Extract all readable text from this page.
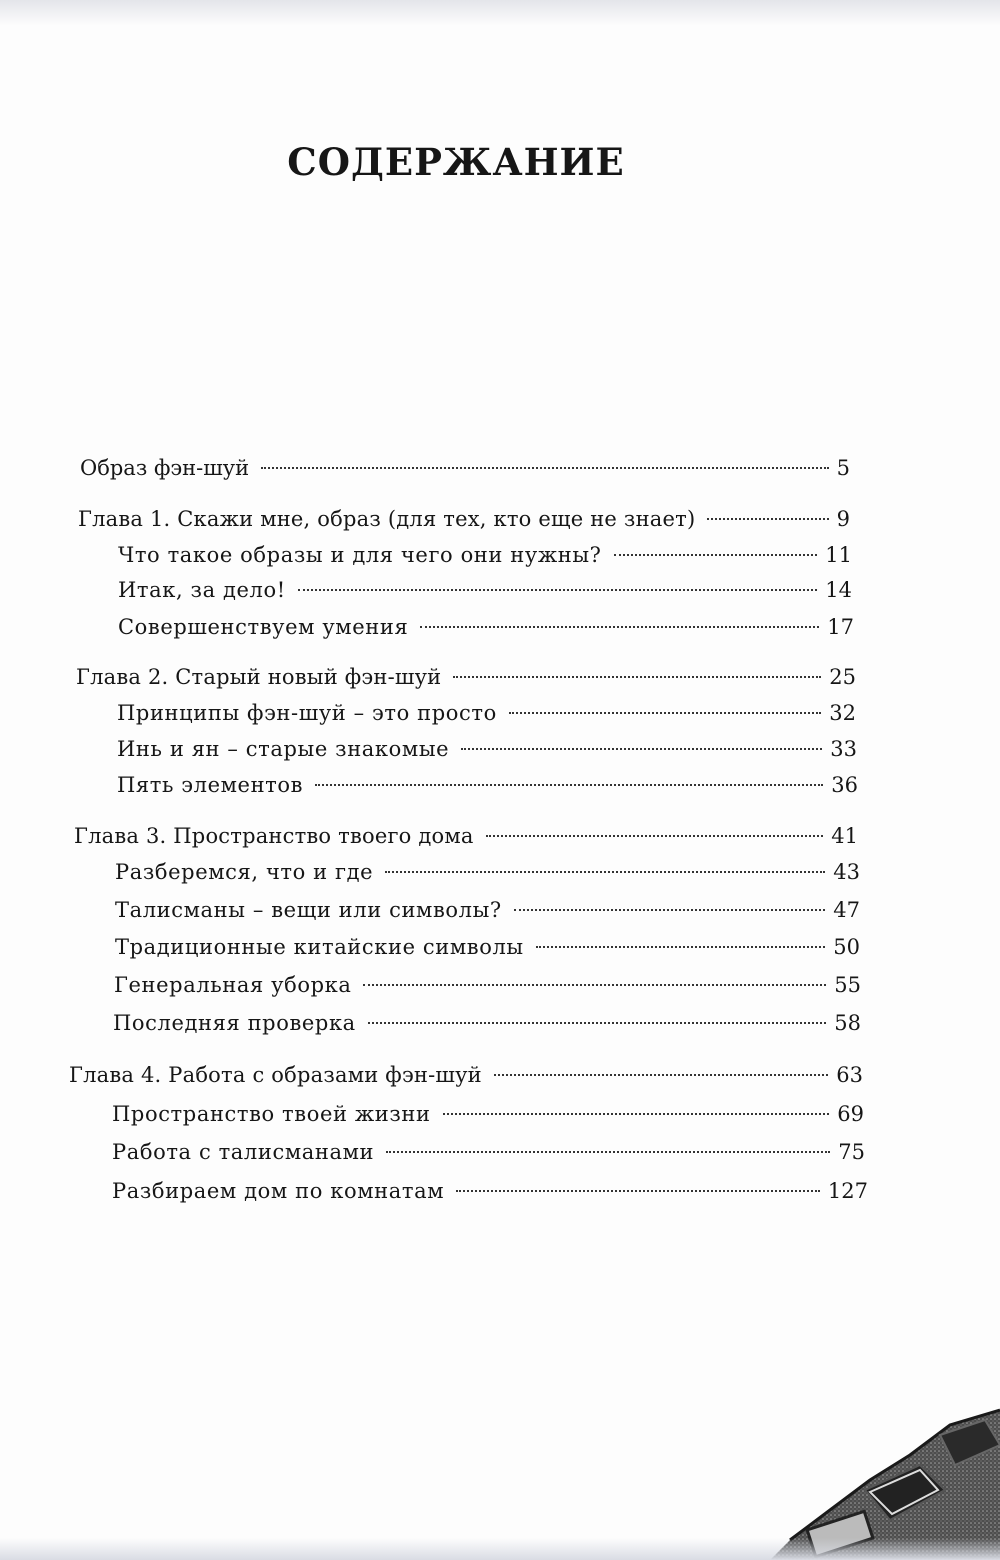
СОДЕРЖАНИЕ
Образ фэн-шуй	5
Глава 1. Скажи мне, образ (для тех, кто еще не знает)	9
Что такое образы и для чего они нужны?	11
Итак, за дело!	14
Совершенствуем умения	17
Глава 2. Старый новый фэн-шуй	25
Принципы фэн-шуй – это просто	32
Инь и ян – старые знакомые	33
Пять элементов	36
Глава 3. Пространство твоего дома	41
Разберемся, что и где	43
Талисманы – вещи или символы?	47
Традиционные китайские символы	50
Генеральная уборка	55
Последняя проверка	58
Глава 4. Работа с образами фэн-шуй	63
Пространство твоей жизни	69
Работа с талисманами	75
Разбираем дом по комнатам	127
